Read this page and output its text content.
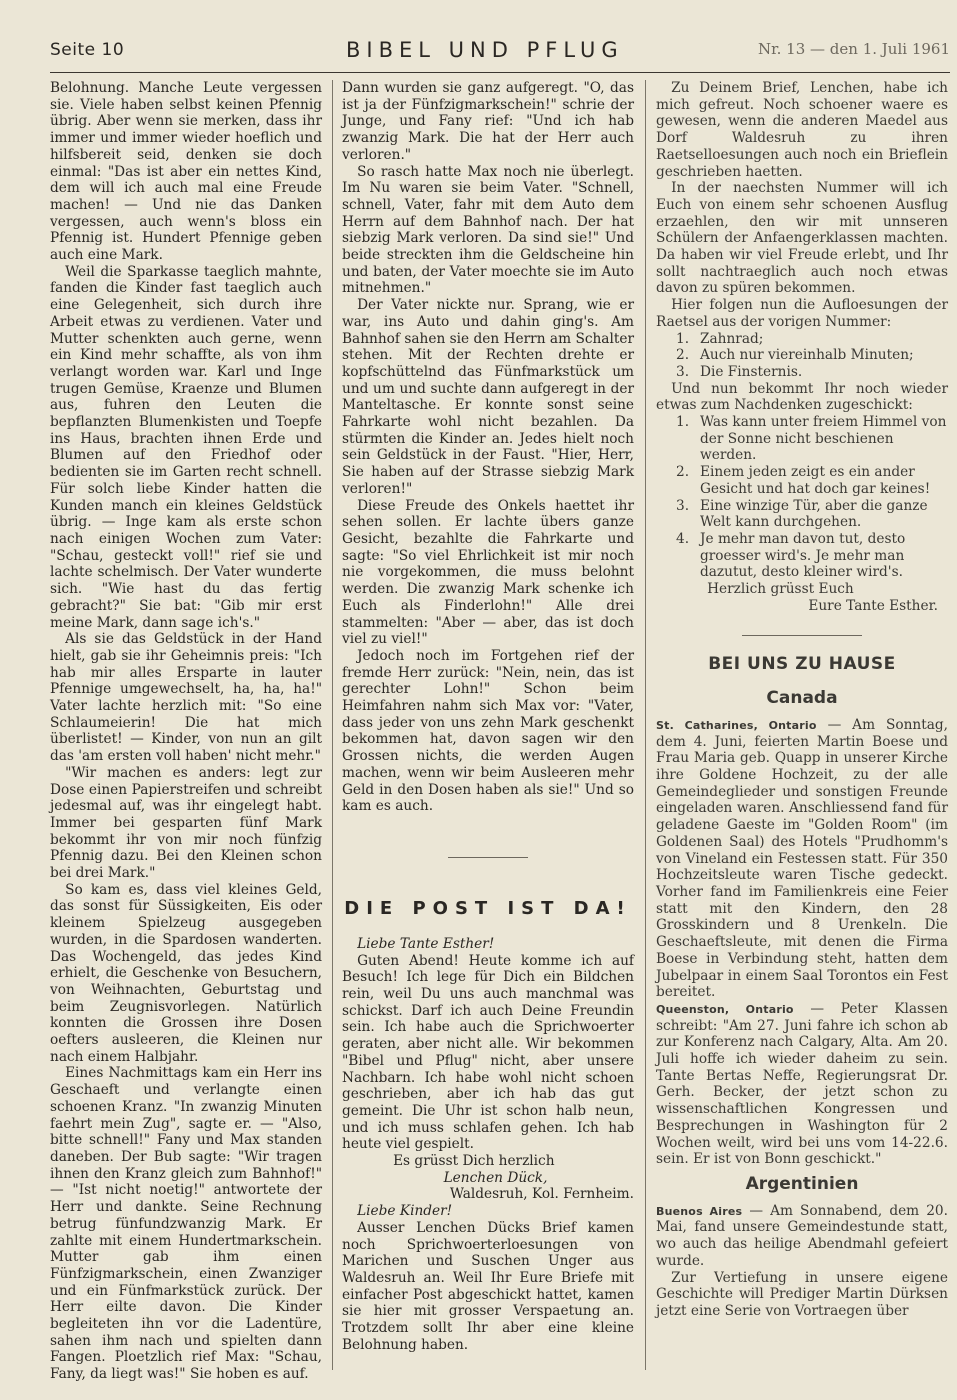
Seite 10	BIBEL UND PFLUG	Nr. 13 — den 1. Juli 1961

Belohnung. Manche Leute vergessen sie. Viele haben selbst keinen Pfennig übrig. Aber wenn sie merken, dass ihr immer und immer wieder hoeflich und hilfsbereit seid, denken sie doch einmal: "Das ist aber ein nettes Kind, dem will ich auch mal eine Freude machen! — Und nie das Danken vergessen, auch wenn's bloss ein Pfennig ist. Hundert Pfennige geben auch eine Mark.

Weil die Sparkasse taeglich mahnte, fanden die Kinder fast taeglich auch eine Gelegenheit, sich durch ihre Arbeit etwas zu verdienen. Vater und Mutter schenkten auch gerne, wenn ein Kind mehr schaffte, als von ihm verlangt worden war. Karl und Inge trugen Gemüse, Kraenze und Blumen aus, fuhren den Leuten die bepflanzten Blumenkisten und Toepfe ins Haus, brachten ihnen Erde und Blumen auf den Friedhof oder bedienten sie im Garten recht schnell. Für solch liebe Kinder hatten die Kunden manch ein kleines Geldstück übrig. — Inge kam als erste schon nach einigen Wochen zum Vater: "Schau, gesteckt voll!" rief sie und lachte schelmisch. Der Vater wunderte sich. "Wie hast du das fertig gebracht?" Sie bat: "Gib mir erst meine Mark, dann sage ich's."

Als sie das Geldstück in der Hand hielt, gab sie ihr Geheimnis preis: "Ich hab mir alles Ersparte in lauter Pfennige umgewechselt, ha, ha, ha!" Vater lachte herzlich mit: "So eine Schlaumeierin! Die hat mich überlistet! — Kinder, von nun an gilt das 'am ersten voll haben' nicht mehr."

"Wir machen es anders: legt zur Dose einen Papierstreifen und schreibt jedesmal auf, was ihr eingelegt habt. Immer bei gesparten fünf Mark bekommt ihr von mir noch fünfzig Pfennig dazu. Bei den Kleinen schon bei drei Mark."

So kam es, dass viel kleines Geld, das sonst für Süssigkeiten, Eis oder kleinem Spielzeug ausgegeben wurden, in die Spardosen wanderten. Das Wochengeld, das jedes Kind erhielt, die Geschenke von Besuchern, von Weihnachten, Geburtstag und beim Zeugnisvorlegen. Natürlich konnten die Grossen ihre Dosen oefters ausleeren, die Kleinen nur nach einem Halbjahr.

Eines Nachmittags kam ein Herr ins Geschaeft und verlangte einen schoenen Kranz. "In zwanzig Minuten faehrt mein Zug", sagte er. — "Also, bitte schnell!" Fany und Max standen daneben. Der Bub sagte: "Wir tragen ihnen den Kranz gleich zum Bahnhof!" — "Ist nicht noetig!" antwortete der Herr und dankte. Seine Rechnung betrug fünfundzwanzig Mark. Er zahlte mit einem Hundertmarkschein. Mutter gab ihm einen Fünfzigmarkschein, einen Zwanziger und ein Fünfmarkstück zurück. Der Herr eilte davon. Die Kinder begleiteten ihn vor die Ladentüre, sahen ihm nach und spielten dann Fangen. Ploetzlich rief Max: "Schau, Fany, da liegt was!" Sie hoben es auf.

Dann wurden sie ganz aufgeregt. "O, das ist ja der Fünfzigmarkschein!" schrie der Junge, und Fany rief: "Und ich hab zwanzig Mark. Die hat der Herr auch verloren."

So rasch hatte Max noch nie überlegt. Im Nu waren sie beim Vater. "Schnell, schnell, Vater, fahr mit dem Auto dem Herrn auf dem Bahnhof nach. Der hat siebzig Mark verloren. Da sind sie!" Und beide streckten ihm die Geldscheine hin und baten, der Vater moechte sie im Auto mitnehmen."

Der Vater nickte nur. Sprang, wie er war, ins Auto und dahin ging's. Am Bahnhof sahen sie den Herrn am Schalter stehen. Mit der Rechten drehte er kopfschüttelnd das Fünfmarkstück um und um und suchte dann aufgeregt in der Manteltasche. Er konnte sonst seine Fahrkarte wohl nicht bezahlen. Da stürmten die Kinder an. Jedes hielt noch sein Geldstück in der Faust. "Hier, Herr, Sie haben auf der Strasse siebzig Mark verloren!"

Diese Freude des Onkels haettet ihr sehen sollen. Er lachte übers ganze Gesicht, bezahlte die Fahrkarte und sagte: "So viel Ehrlichkeit ist mir noch nie vorgekommen, die muss belohnt werden. Die zwanzig Mark schenke ich Euch als Finderlohn!" Alle drei stammelten: "Aber — aber, das ist doch viel zu viel!"

Jedoch noch im Fortgehen rief der fremde Herr zurück: "Nein, nein, das ist gerechter Lohn!" Schon beim Heimfahren nahm sich Max vor: "Vater, dass jeder von uns zehn Mark geschenkt bekommen hat, davon sagen wir den Grossen nichts, die werden Augen machen, wenn wir beim Ausleeren mehr Geld in den Dosen haben als sie!" Und so kam es auch.

DIE POST IST DA!

Liebe Tante Esther!

Guten Abend! Heute komme ich auf Besuch! Ich lege für Dich ein Bildchen rein, weil Du uns auch manchmal was schickst. Darf ich auch Deine Freundin sein. Ich habe auch die Sprichwoerter geraten, aber nicht alle. Wir bekommen "Bibel und Pflug" nicht, aber unsere Nachbarn. Ich habe wohl nicht schoen geschrieben, aber ich hab das gut gemeint. Die Uhr ist schon halb neun, und ich muss schlafen gehen. Ich hab heute viel gespielt.

Es grüsst Dich herzlich

Lenchen Dück,

Waldesruh, Kol. Fernheim.

Liebe Kinder!

Ausser Lenchen Dücks Brief kamen noch Sprichwoerterloesungen von Marichen und Suschen Unger aus Waldesruh an. Weil Ihr Eure Briefe mit einfacher Post abgeschickt hattet, kamen sie hier mit grosser Verspaetung an. Trotzdem sollt Ihr aber eine kleine Belohnung haben.

Zu Deinem Brief, Lenchen, habe ich mich gefreut. Noch schoener waere es gewesen, wenn die anderen Maedel aus Dorf Waldesruh zu ihren Raetselloesungen auch noch ein Brieflein geschrieben haetten.

In der naechsten Nummer will ich Euch von einem sehr schoenen Ausflug erzaehlen, den wir mit unnseren Schülern der Anfaengerklassen machten. Da haben wir viel Freude erlebt, und Ihr sollt nachtraeglich auch noch etwas davon zu spüren bekommen.

Hier folgen nun die Aufloesungen der Raetsel aus der vorigen Nummer:

1. Zahnrad;
2. Auch nur viereinhalb Minuten;
3. Die Finsternis.

Und nun bekommt Ihr noch wieder etwas zum Nachdenken zugeschickt:

1. Was kann unter freiem Himmel von der Sonne nicht beschienen werden.
2. Einem jeden zeigt es ein ander Gesicht und hat doch gar keines!
3. Eine winzige Tür, aber die ganze Welt kann durchgehen.
4. Je mehr man davon tut, desto groesser wird's. Je mehr man dazutut, desto kleiner wird's.

Herzlich grüsst Euch

Eure Tante Esther.

BEI UNS ZU HAUSE
Canada

St. Catharines, Ontario — Am Sonntag, dem 4. Juni, feierten Martin Boese und Frau Maria geb. Quapp in unserer Kirche ihre Goldene Hochzeit, zu der alle Gemeindeglieder und sonstigen Freunde eingeladen waren. Anschliessend fand für geladene Gaeste im "Golden Room" (im Goldenen Saal) des Hotels "Prudhomm's von Vineland ein Festessen statt. Für 350 Hochzeitsleute waren Tische gedeckt. Vorher fand im Familienkreis eine Feier statt mit den Kindern, den 28 Grosskindern und 8 Urenkeln. Die Geschaeftsleute, mit denen die Firma Boese in Verbindung steht, hatten dem Jubelpaar in einem Saal Torontos ein Fest bereitet.

Queenston, Ontario — Peter Klassen schreibt: "Am 27. Juni fahre ich schon ab zur Konferenz nach Calgary, Alta. Am 20. Juli hoffe ich wieder daheim zu sein. Tante Bertas Neffe, Regierungsrat Dr. Gerh. Becker, der jetzt schon zu wissenschaftlichen Kongressen und Besprechungen in Washington für 2 Wochen weilt, wird bei uns vom 14-22.6. sein. Er ist von Bonn geschickt."

Argentinien

Buenos Aires — Am Sonnabend, dem 20. Mai, fand unsere Gemeindestunde statt, wo auch das heilige Abendmahl gefeiert wurde.

Zur Vertiefung in unsere eigene Geschichte will Prediger Martin Dürksen jetzt eine Serie von Vortraegen über
